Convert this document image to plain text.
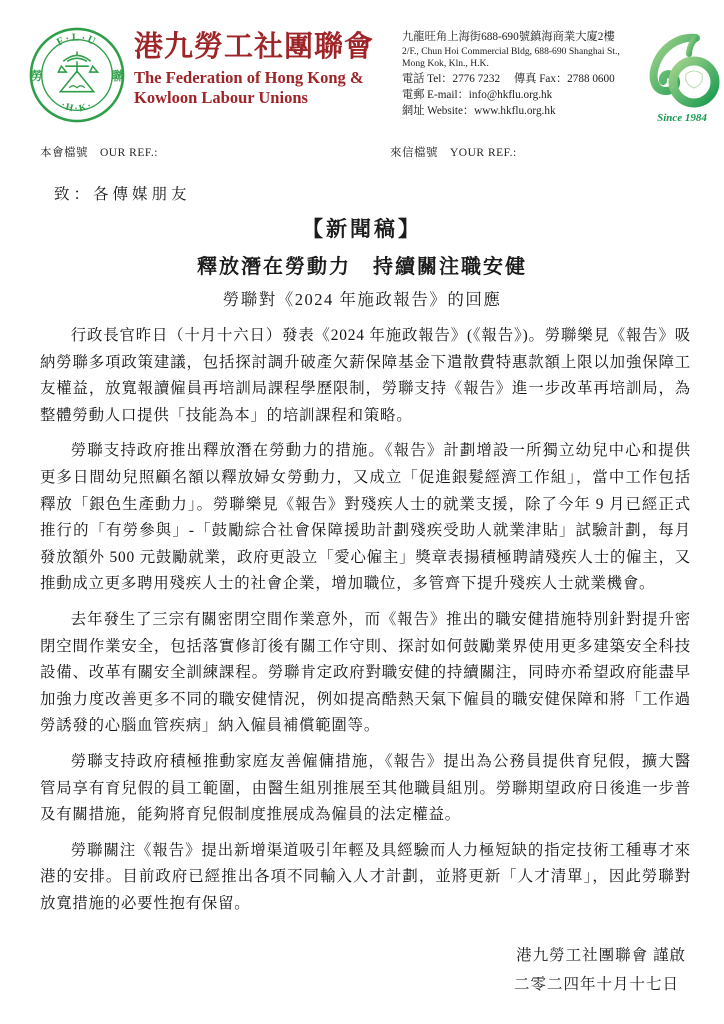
F·L·U
·H·K·
勞	聯
港九勞工社團聯會
The Federation of Hong Kong &
Kowloon Labour Unions
九龍旺角上海街688-690號鎮海商業大廈2樓
2/F., Chun Hoi Commercial Bldg, 688-690 Shanghai St., Mong Kok, Kln., H.K.
電話 Tel：2776 7232　 傳真 Fax：2788 0600
電郵 E-mail：info@hkflu.org.hk
網址 Website：www.hkflu.org.hk
Since 1984
本會檔號　OUR REF.:	來信檔號　YOUR REF.:
致：各傳媒朋友
【新聞稿】
釋放潛在勞動力　持續關注職安健
勞聯對《2024 年施政報告》的回應

行政長官昨日（十月十六日）發表《2024 年施政報告》(《報告》)。勞聯樂見《報告》吸納勞聯多項政策建議，包括探討調升破產欠薪保障基金下遣散費特惠款額上限以加強保障工友權益，放寬報讀僱員再培訓局課程學歷限制，勞聯支持《報告》進一步改革再培訓局，為整體勞動人口提供「技能為本」的培訓課程和策略。

勞聯支持政府推出釋放潛在勞動力的措施。《報告》計劃增設一所獨立幼兒中心和提供更多日間幼兒照顧名額以釋放婦女勞動力，又成立「促進銀髮經濟工作組」，當中工作包括釋放「銀色生產動力」。勞聯樂見《報告》對殘疾人士的就業支援，除了今年 9 月已經正式推行的「有勞參與」-「鼓勵綜合社會保障援助計劃殘疾受助人就業津貼」試驗計劃，每月發放額外 500 元鼓勵就業，政府更設立「愛心僱主」獎章表揚積極聘請殘疾人士的僱主，又推動成立更多聘用殘疾人士的社會企業，增加職位，多管齊下提升殘疾人士就業機會。

去年發生了三宗有關密閉空間作業意外，而《報告》推出的職安健措施特別針對提升密閉空間作業安全，包括落實修訂後有關工作守則、探討如何鼓勵業界使用更多建築安全科技設備、改革有關安全訓練課程。勞聯肯定政府對職安健的持續關注，同時亦希望政府能盡早加強力度改善更多不同的職安健情況，例如提高酷熱天氣下僱員的職安健保障和將「工作過勞誘發的心腦血管疾病」納入僱員補償範圍等。

勞聯支持政府積極推動家庭友善僱傭措施，《報告》提出為公務員提供育兒假，擴大醫管局享有育兒假的員工範圍，由醫生組別推展至其他職員組別。勞聯期望政府日後進一步普及有關措施，能夠將育兒假制度推展成為僱員的法定權益。

勞聯關注《報告》提出新增渠道吸引年輕及具經驗而人力極短缺的指定技術工種專才來港的安排。目前政府已經推出各項不同輸入人才計劃，並將更新「人才清單」，因此勞聯對放寬措施的必要性抱有保留。

港九勞工社團聯會 謹啟
二零二四年十月十七日
